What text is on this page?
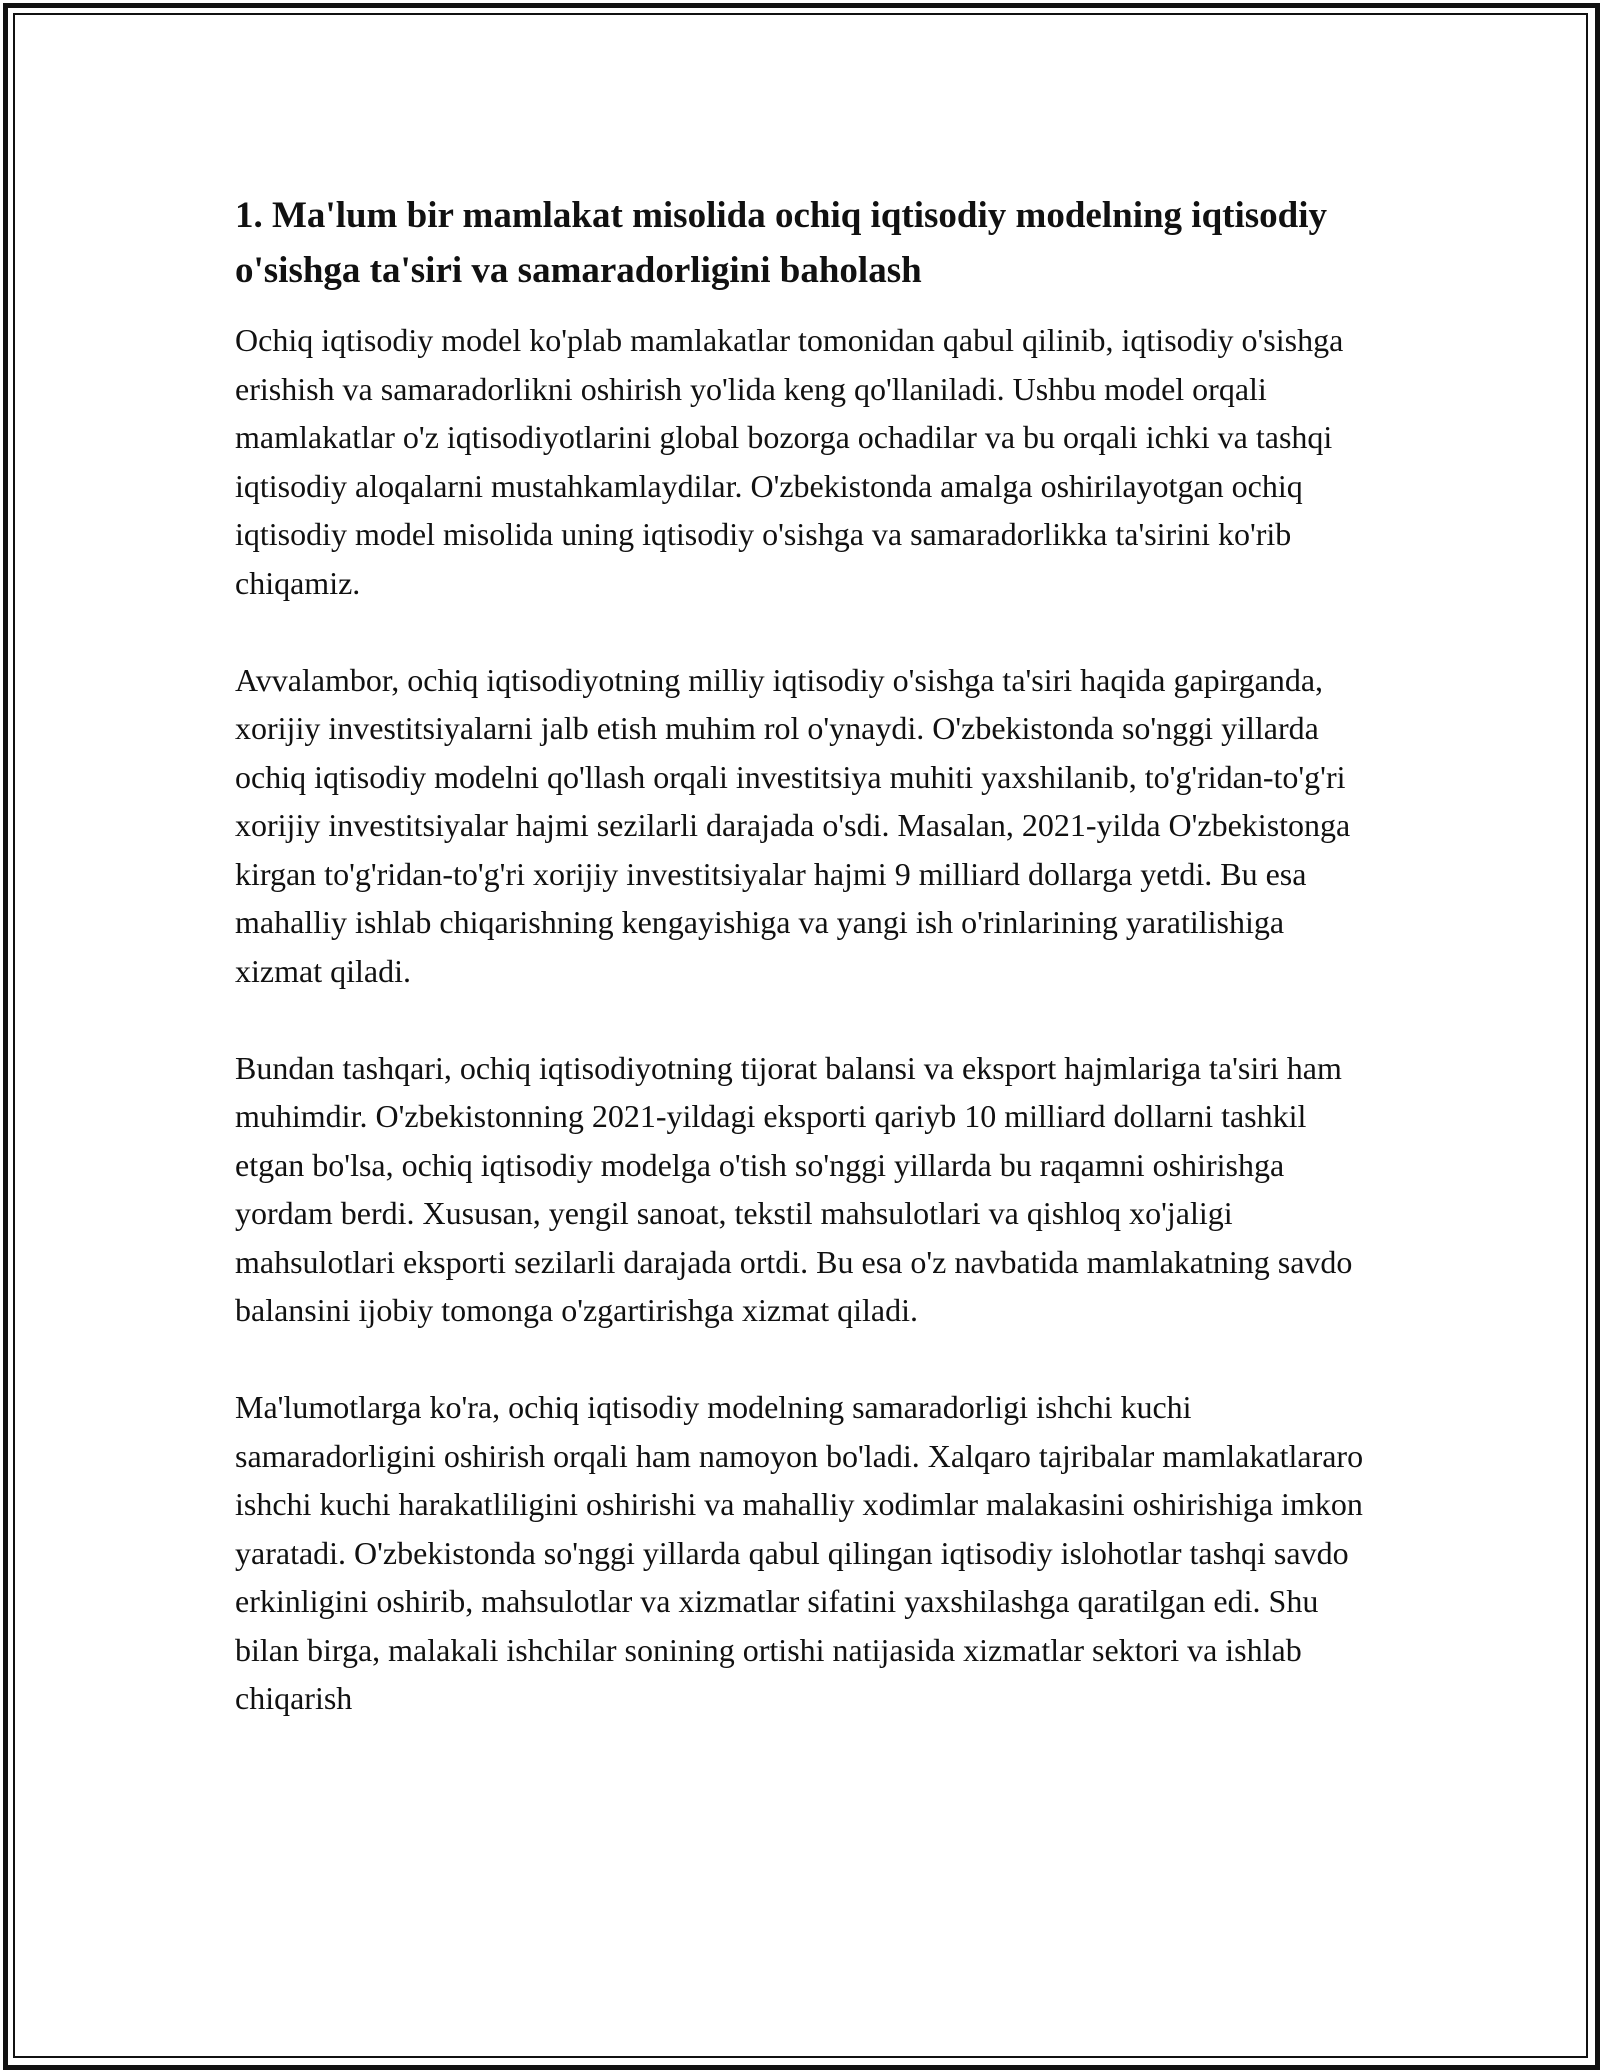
1. Ma'lum bir mamlakat misolida ochiq iqtisodiy modelning iqtisodiy o'sishga ta'siri va samaradorligini baholash

Ochiq iqtisodiy model ko'plab mamlakatlar tomonidan qabul qilinib, iqtisodiy o'sishga erishish va samaradorlikni oshirish yo'lida keng qo'llaniladi. Ushbu model orqali mamlakatlar o'z iqtisodiyotlarini global bozorga ochadilar va bu orqali ichki va tashqi iqtisodiy aloqalarni mustahkamlaydilar. O'zbekistonda amalga oshirilayotgan ochiq iqtisodiy model misolida uning iqtisodiy o'sishga va samaradorlikka ta'sirini ko'rib chiqamiz.

Avvalambor, ochiq iqtisodiyotning milliy iqtisodiy o'sishga ta'siri haqida gapirganda, xorijiy investitsiyalarni jalb etish muhim rol o'ynaydi. O'zbekistonda so'nggi yillarda ochiq iqtisodiy modelni qo'llash orqali investitsiya muhiti yaxshilanib, to'g'ridan-to'g'ri xorijiy investitsiyalar hajmi sezilarli darajada o'sdi. Masalan, 2021-yilda O'zbekistonga kirgan to'g'ridan-to'g'ri xorijiy investitsiyalar hajmi 9 milliard dollarga yetdi. Bu esa mahalliy ishlab chiqarishning kengayishiga va yangi ish o'rinlarining yaratilishiga xizmat qiladi.

Bundan tashqari, ochiq iqtisodiyotning tijorat balansi va eksport hajmlariga ta'siri ham muhimdir. O'zbekistonning 2021-yildagi eksporti qariyb 10 milliard dollarni tashkil etgan bo'lsa, ochiq iqtisodiy modelga o'tish so'nggi yillarda bu raqamni oshirishga yordam berdi. Xususan, yengil sanoat, tekstil mahsulotlari va qishloq xo'jaligi mahsulotlari eksporti sezilarli darajada ortdi. Bu esa o'z navbatida mamlakatning savdo balansini ijobiy tomonga o'zgartirishga xizmat qiladi.

Ma'lumotlarga ko'ra, ochiq iqtisodiy modelning samaradorligi ishchi kuchi samaradorligini oshirish orqali ham namoyon bo'ladi. Xalqaro tajribalar mamlakatlararo ishchi kuchi harakatliligini oshirishi va mahalliy xodimlar malakasini oshirishiga imkon yaratadi. O'zbekistonda so'nggi yillarda qabul qilingan iqtisodiy islohotlar tashqi savdo erkinligini oshirib, mahsulotlar va xizmatlar sifatini yaxshilashga qaratilgan edi. Shu bilan birga, malakali ishchilar sonining ortishi natijasida xizmatlar sektori va ishlab chiqarish
